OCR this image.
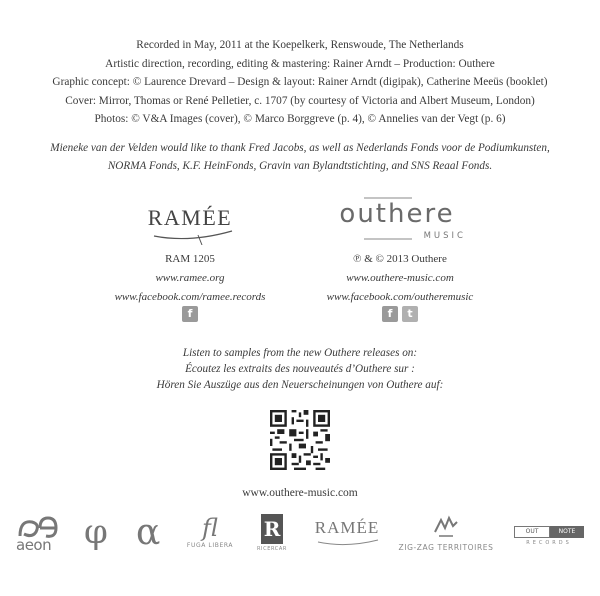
Recorded in May, 2011 at the Koepelkerk, Renswoude, The Netherlands
Artistic direction, recording, editing & mastering: Rainer Arndt – Production: Outhere
Graphic concept: © Laurence Drevard – Design & layout: Rainer Arndt (digipak), Catherine Meeüs (booklet)
Cover: Mirror, Thomas or René Pelletier, c. 1707 (by courtesy of Victoria and Albert Museum, London)
Photos: © V&A Images (cover), © Marco Borggreve (p. 4), © Annelies van der Vegt (p. 6)
Mieneke van der Velden would like to thank Fred Jacobs, as well as Nederlands Fonds voor de Podiumkunsten,
NORMA Fonds, K.F. HeinFonds, Gravin van Bylandtstichting, and SNS Reaal Fonds.
RAMÉE	outhere
MUSIC
RAM 1205
www.ramee.org
www.facebook.com/ramee.records
℗ & © 2013 Outhere
www.outhere-music.com
www.facebook.com/outheremusic
f	f	t
Listen to samples from the new Outhere releases on:
Écoutez les extraits des nouveautés d’Outhere sur :
Hören Sie Auszüge aus den Neuerscheinungen von Outhere auf:
www.outhere-music.com
aeon φ α	fl
FUGA LIBERA
R
RICERCAR
RAMÉE
ZIG-ZAG TERRITOIRES
OUT	NOTE
RECORDS
